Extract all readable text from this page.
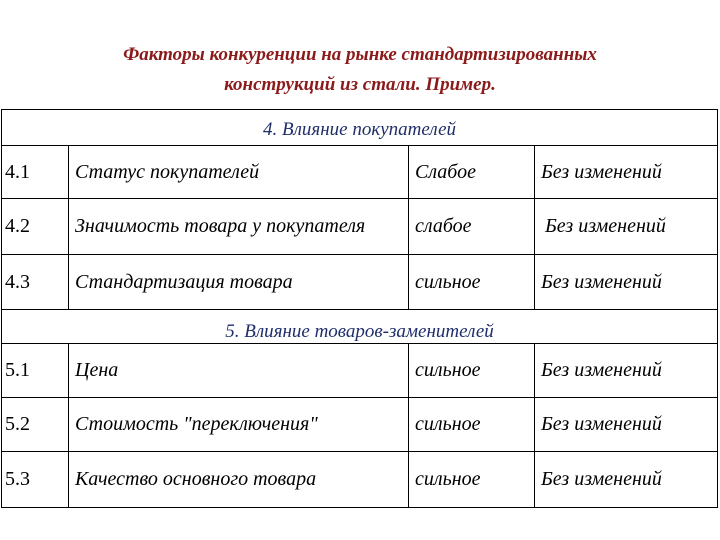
Факторы конкуренции на рынке стандартизированных
конструкций из стали. Пример.
4. Влияние покупателей			
4.1	Статус покупателей	Слабое	Без изменений
4.2	Значимость товара у покупателя	слабое	Без изменений
4.3	Стандартизация товара	сильное	Без изменений
5. Влияние товаров-заменителей			
5.1	Цена	сильное	Без изменений
5.2	Стоимость "переключения"	сильное	Без изменений
5.3	Качество основного товара	сильное	Без изменений
